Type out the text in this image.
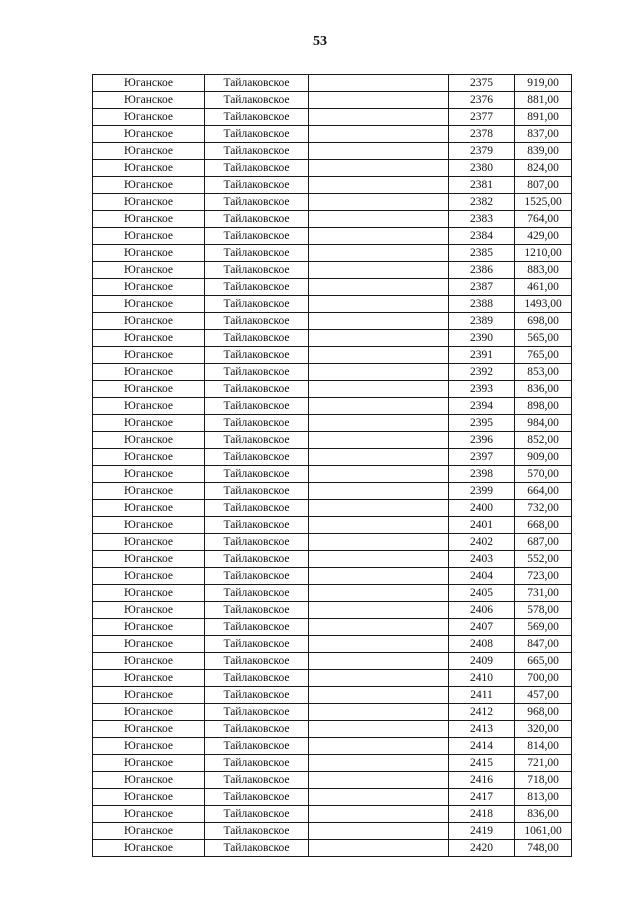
53
Юганское	Тайлаковское		2375	919,00
Юганское	Тайлаковское		2376	881,00
Юганское	Тайлаковское		2377	891,00
Юганское	Тайлаковское		2378	837,00
Юганское	Тайлаковское		2379	839,00
Юганское	Тайлаковское		2380	824,00
Юганское	Тайлаковское		2381	807,00
Юганское	Тайлаковское		2382	1525,00
Юганское	Тайлаковское		2383	764,00
Юганское	Тайлаковское		2384	429,00
Юганское	Тайлаковское		2385	1210,00
Юганское	Тайлаковское		2386	883,00
Юганское	Тайлаковское		2387	461,00
Юганское	Тайлаковское		2388	1493,00
Юганское	Тайлаковское		2389	698,00
Юганское	Тайлаковское		2390	565,00
Юганское	Тайлаковское		2391	765,00
Юганское	Тайлаковское		2392	853,00
Юганское	Тайлаковское		2393	836,00
Юганское	Тайлаковское		2394	898,00
Юганское	Тайлаковское		2395	984,00
Юганское	Тайлаковское		2396	852,00
Юганское	Тайлаковское		2397	909,00
Юганское	Тайлаковское		2398	570,00
Юганское	Тайлаковское		2399	664,00
Юганское	Тайлаковское		2400	732,00
Юганское	Тайлаковское		2401	668,00
Юганское	Тайлаковское		2402	687,00
Юганское	Тайлаковское		2403	552,00
Юганское	Тайлаковское		2404	723,00
Юганское	Тайлаковское		2405	731,00
Юганское	Тайлаковское		2406	578,00
Юганское	Тайлаковское		2407	569,00
Юганское	Тайлаковское		2408	847,00
Юганское	Тайлаковское		2409	665,00
Юганское	Тайлаковское		2410	700,00
Юганское	Тайлаковское		2411	457,00
Юганское	Тайлаковское		2412	968,00
Юганское	Тайлаковское		2413	320,00
Юганское	Тайлаковское		2414	814,00
Юганское	Тайлаковское		2415	721,00
Юганское	Тайлаковское		2416	718,00
Юганское	Тайлаковское		2417	813,00
Юганское	Тайлаковское		2418	836,00
Юганское	Тайлаковское		2419	1061,00
Юганское	Тайлаковское		2420	748,00
